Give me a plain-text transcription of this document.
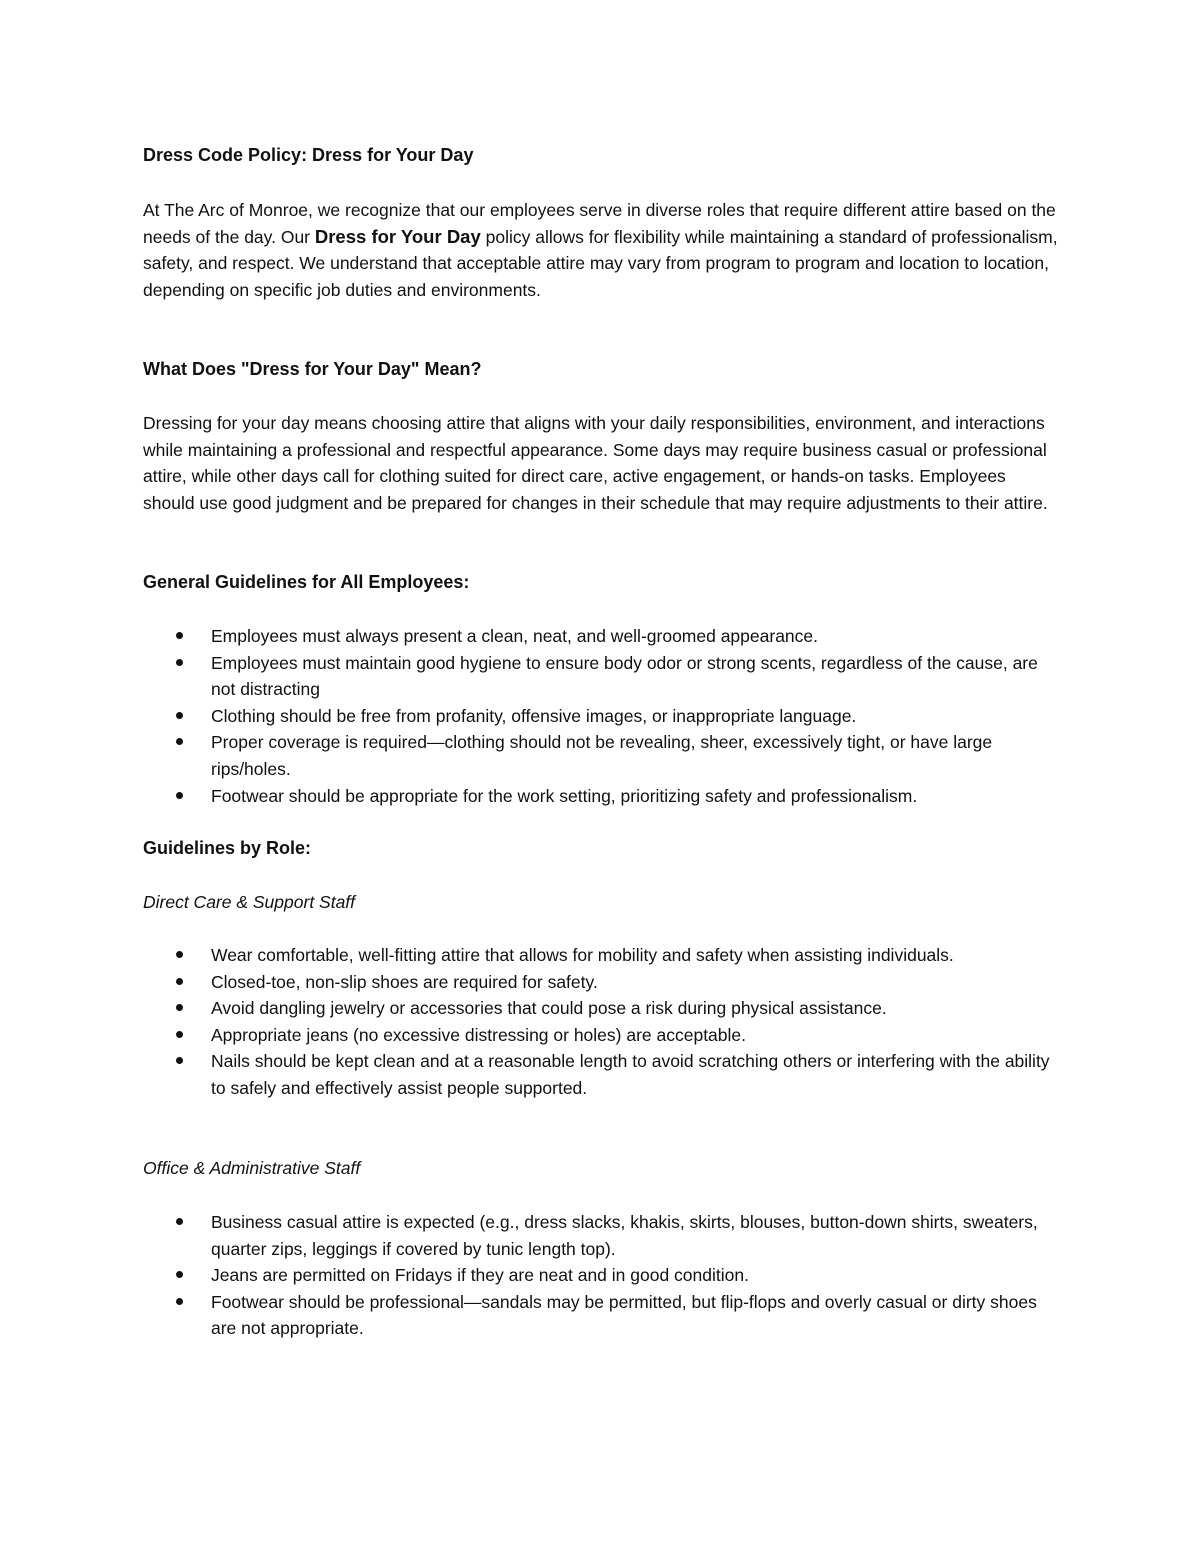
Dress Code Policy: Dress for Your Day

At The Arc of Monroe, we recognize that our employees serve in diverse roles that require different attire based on the needs of the day. Our Dress for Your Day policy allows for flexibility while maintaining a standard of professionalism, safety, and respect. We understand that acceptable attire may vary from program to program and location to location, depending on specific job duties and environments.

What Does "Dress for Your Day" Mean?

Dressing for your day means choosing attire that aligns with your daily responsibilities, environment, and interactions while maintaining a professional and respectful appearance. Some days may require business casual or professional attire, while other days call for clothing suited for direct care, active engagement, or hands-on tasks. Employees should use good judgment and be prepared for changes in their schedule that may require adjustments to their attire.

General Guidelines for All Employees:

Employees must always present a clean, neat, and well-groomed appearance.
Employees must maintain good hygiene to ensure body odor or strong scents, regardless of the cause, are not distracting
Clothing should be free from profanity, offensive images, or inappropriate language.
Proper coverage is required—clothing should not be revealing, sheer, excessively tight, or have large rips/holes.
Footwear should be appropriate for the work setting, prioritizing safety and professionalism.

Guidelines by Role:

Direct Care & Support Staff

Wear comfortable, well-fitting attire that allows for mobility and safety when assisting individuals.
Closed-toe, non-slip shoes are required for safety.
Avoid dangling jewelry or accessories that could pose a risk during physical assistance.
Appropriate jeans (no excessive distressing or holes) are acceptable.
Nails should be kept clean and at a reasonable length to avoid scratching others or interfering with the ability to safely and effectively assist people supported.

Office & Administrative Staff

Business casual attire is expected (e.g., dress slacks, khakis, skirts, blouses, button-down shirts, sweaters, quarter zips, leggings if covered by tunic length top).
Jeans are permitted on Fridays if they are neat and in good condition.
Footwear should be professional—sandals may be permitted, but flip-flops and overly casual or dirty shoes are not appropriate.
